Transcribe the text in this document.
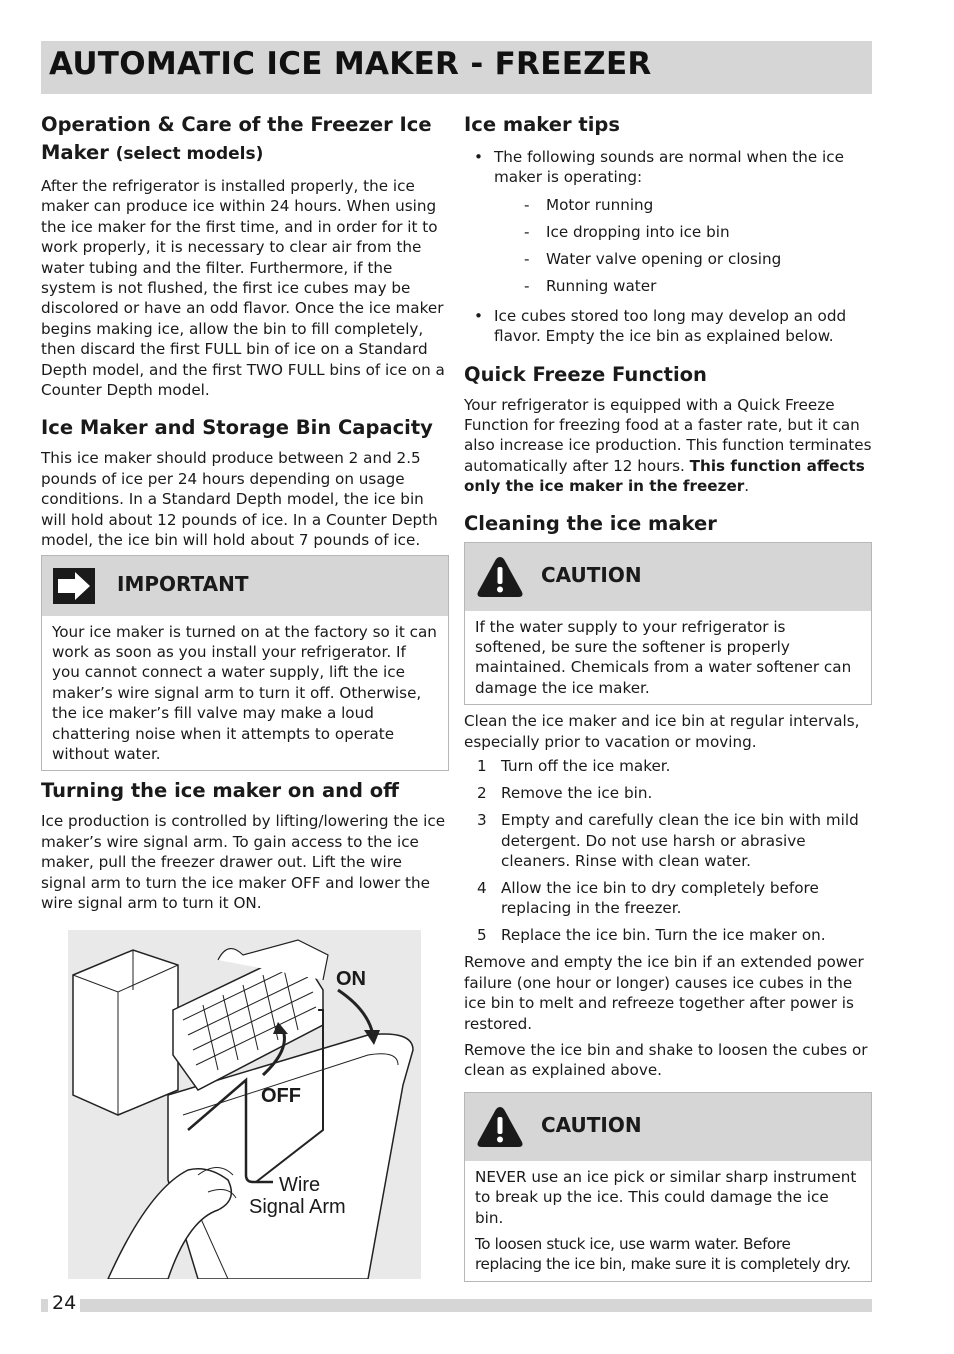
AUTOMATIC ICE MAKER - FREEZER
Operation & Care of the Freezer Ice
Maker (select models)

After the refrigerator is installed properly, the ice maker can produce ice within 24 hours. When using the ice maker for the first time, and in order for it to work properly, it is necessary to clear air from the water tubing and the filter. Furthermore, if the system is not flushed, the first ice cubes may be discolored or have an odd flavor. Once the ice maker begins making ice, allow the bin to fill completely, then discard the first FULL bin of ice on a Standard Depth model, and the first TWO FULL bins of ice on a Counter Depth model.

Ice Maker and Storage Bin Capacity

This ice maker should produce between 2 and 2.5 pounds of ice per 24 hours depending on usage conditions. In a Standard Depth model, the ice bin will hold about 12 pounds of ice. In a Counter Depth model, the ice bin will hold about 7 pounds of ice.

IMPORTANT

Your ice maker is turned on at the factory so it can work as soon as you install your refrigerator. If you cannot connect a water supply, lift the ice maker’s wire signal arm to turn it off. Otherwise, the ice maker’s fill valve may make a loud chattering noise when it attempts to operate without water.

Turning the ice maker on and off

Ice production is controlled by lifting/lowering the ice maker’s wire signal arm. To gain access to the ice maker, pull the freezer drawer out. Lift the wire signal arm to turn the ice maker OFF and lower the wire signal arm to turn it ON.

ON
OFF
Wire
Signal Arm
Ice maker tips
• The following sounds are normal when the ice maker is operating:
- Motor running
- Ice dropping into ice bin
- Water valve opening or closing
- Running water
• Ice cubes stored too long may develop an odd flavor. Empty the ice bin as explained below.
Quick Freeze Function

Your refrigerator is equipped with a Quick Freeze Function for freezing food at a faster rate, but it can also increase ice production. This function terminates automatically after 12 hours. This function affects only the ice maker in the freezer.

Cleaning the ice maker
CAUTION

If the water supply to your refrigerator is softened, be sure the softener is properly maintained. Chemicals from a water softener can damage the ice maker.

Clean the ice maker and ice bin at regular intervals, especially prior to vacation or moving.

1 Turn off the ice maker.
2 Remove the ice bin.
3 Empty and carefully clean the ice bin with mild detergent. Do not use harsh or abrasive cleaners. Rinse with clean water.
4 Allow the ice bin to dry completely before replacing in the freezer.
5 Replace the ice bin. Turn the ice maker on.

Remove and empty the ice bin if an extended power failure (one hour or longer) causes ice cubes in the ice bin to melt and refreeze together after power is restored.

Remove the ice bin and shake to loosen the cubes or clean as explained above.

CAUTION

NEVER use an ice pick or similar sharp instrument to break up the ice. This could damage the ice bin.

To loosen stuck ice, use warm water. Before replacing the ice bin, make sure it is completely dry.

24
